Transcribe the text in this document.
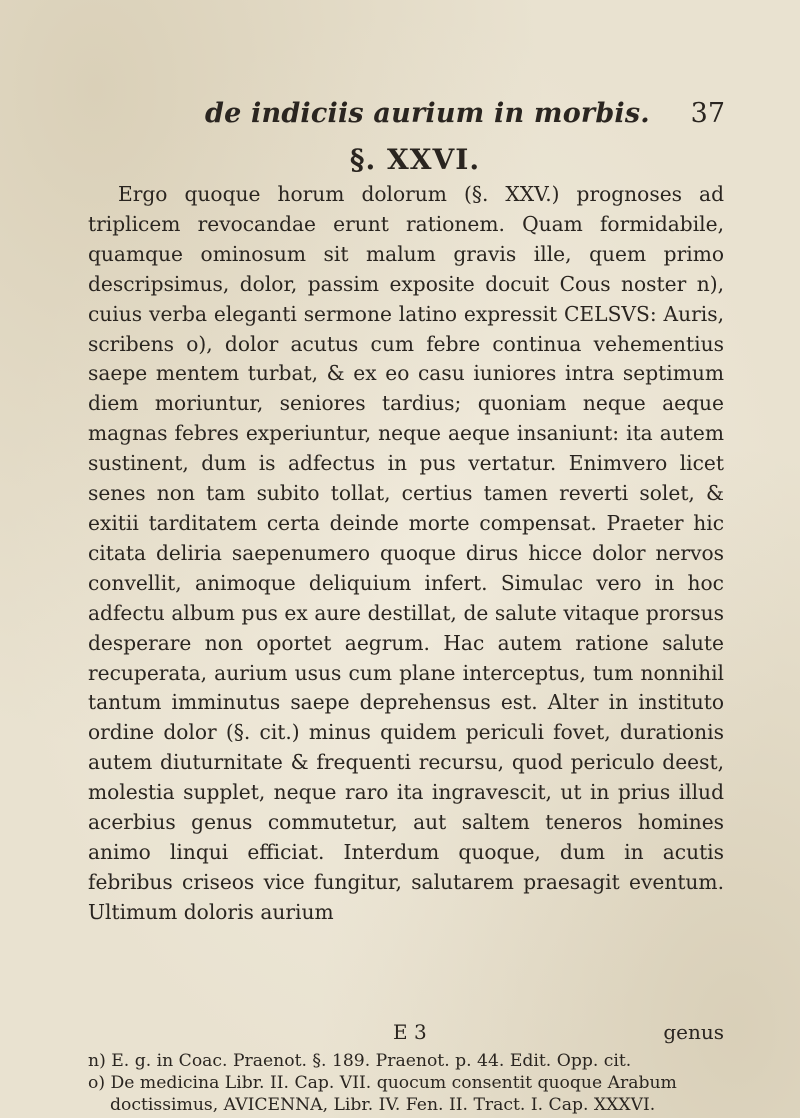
de indiciis aurium in morbis. 37
§. XXVI.

Ergo quoque horum dolorum (§. XXV.) prognoses ad triplicem revocandae erunt rationem. Quam formidabile, quamque ominosum sit malum gravis ille, quem primo descripsimus, dolor, passim exposite docuit Cous noster n), cuius verba eleganti sermone latino expressit CELSVS: Auris, scribens o), dolor acutus cum febre continua vehementius saepe mentem turbat, & ex eo casu iuniores intra septimum diem moriuntur, seniores tardius; quoniam neque aeque magnas febres experiuntur, neque aeque insaniunt: ita autem sustinent, dum is adfectus in pus vertatur. Enimvero licet senes non tam subito tollat, certius tamen reverti solet, & exitii tarditatem certa deinde morte compensat. Praeter hic citata deliria saepenumero quoque dirus hicce dolor nervos convellit, animoque deliquium infert. Simulac vero in hoc adfectu album pus ex aure destillat, de salute vitaque prorsus desperare non oportet aegrum. Hac autem ratione salute recuperata, aurium usus cum plane interceptus, tum nonnihil tantum imminutus saepe deprehensus est. Alter in instituto ordine dolor (§. cit.) minus quidem periculi fovet, durationis autem diuturnitate & frequenti recursu, quod periculo deest, molestia supplet, neque raro ita ingravescit, ut in prius illud acerbius genus commutetur, aut saltem teneros homines animo linqui efficiat. Interdum quoque, dum in acutis febribus criseos vice fungitur, salutarem praesagit eventum. Ultimum doloris aurium

E 3	genus

n) E. g. in Coac. Praenot. §. 189. Praenot. p. 44. Edit. Opp. cit.

o) De medicina Libr. II. Cap. VII. quocum consentit quoque Arabum doctissimus, AVICENNA, Libr. IV. Fen. II. Tract. I. Cap. XXXVI.
